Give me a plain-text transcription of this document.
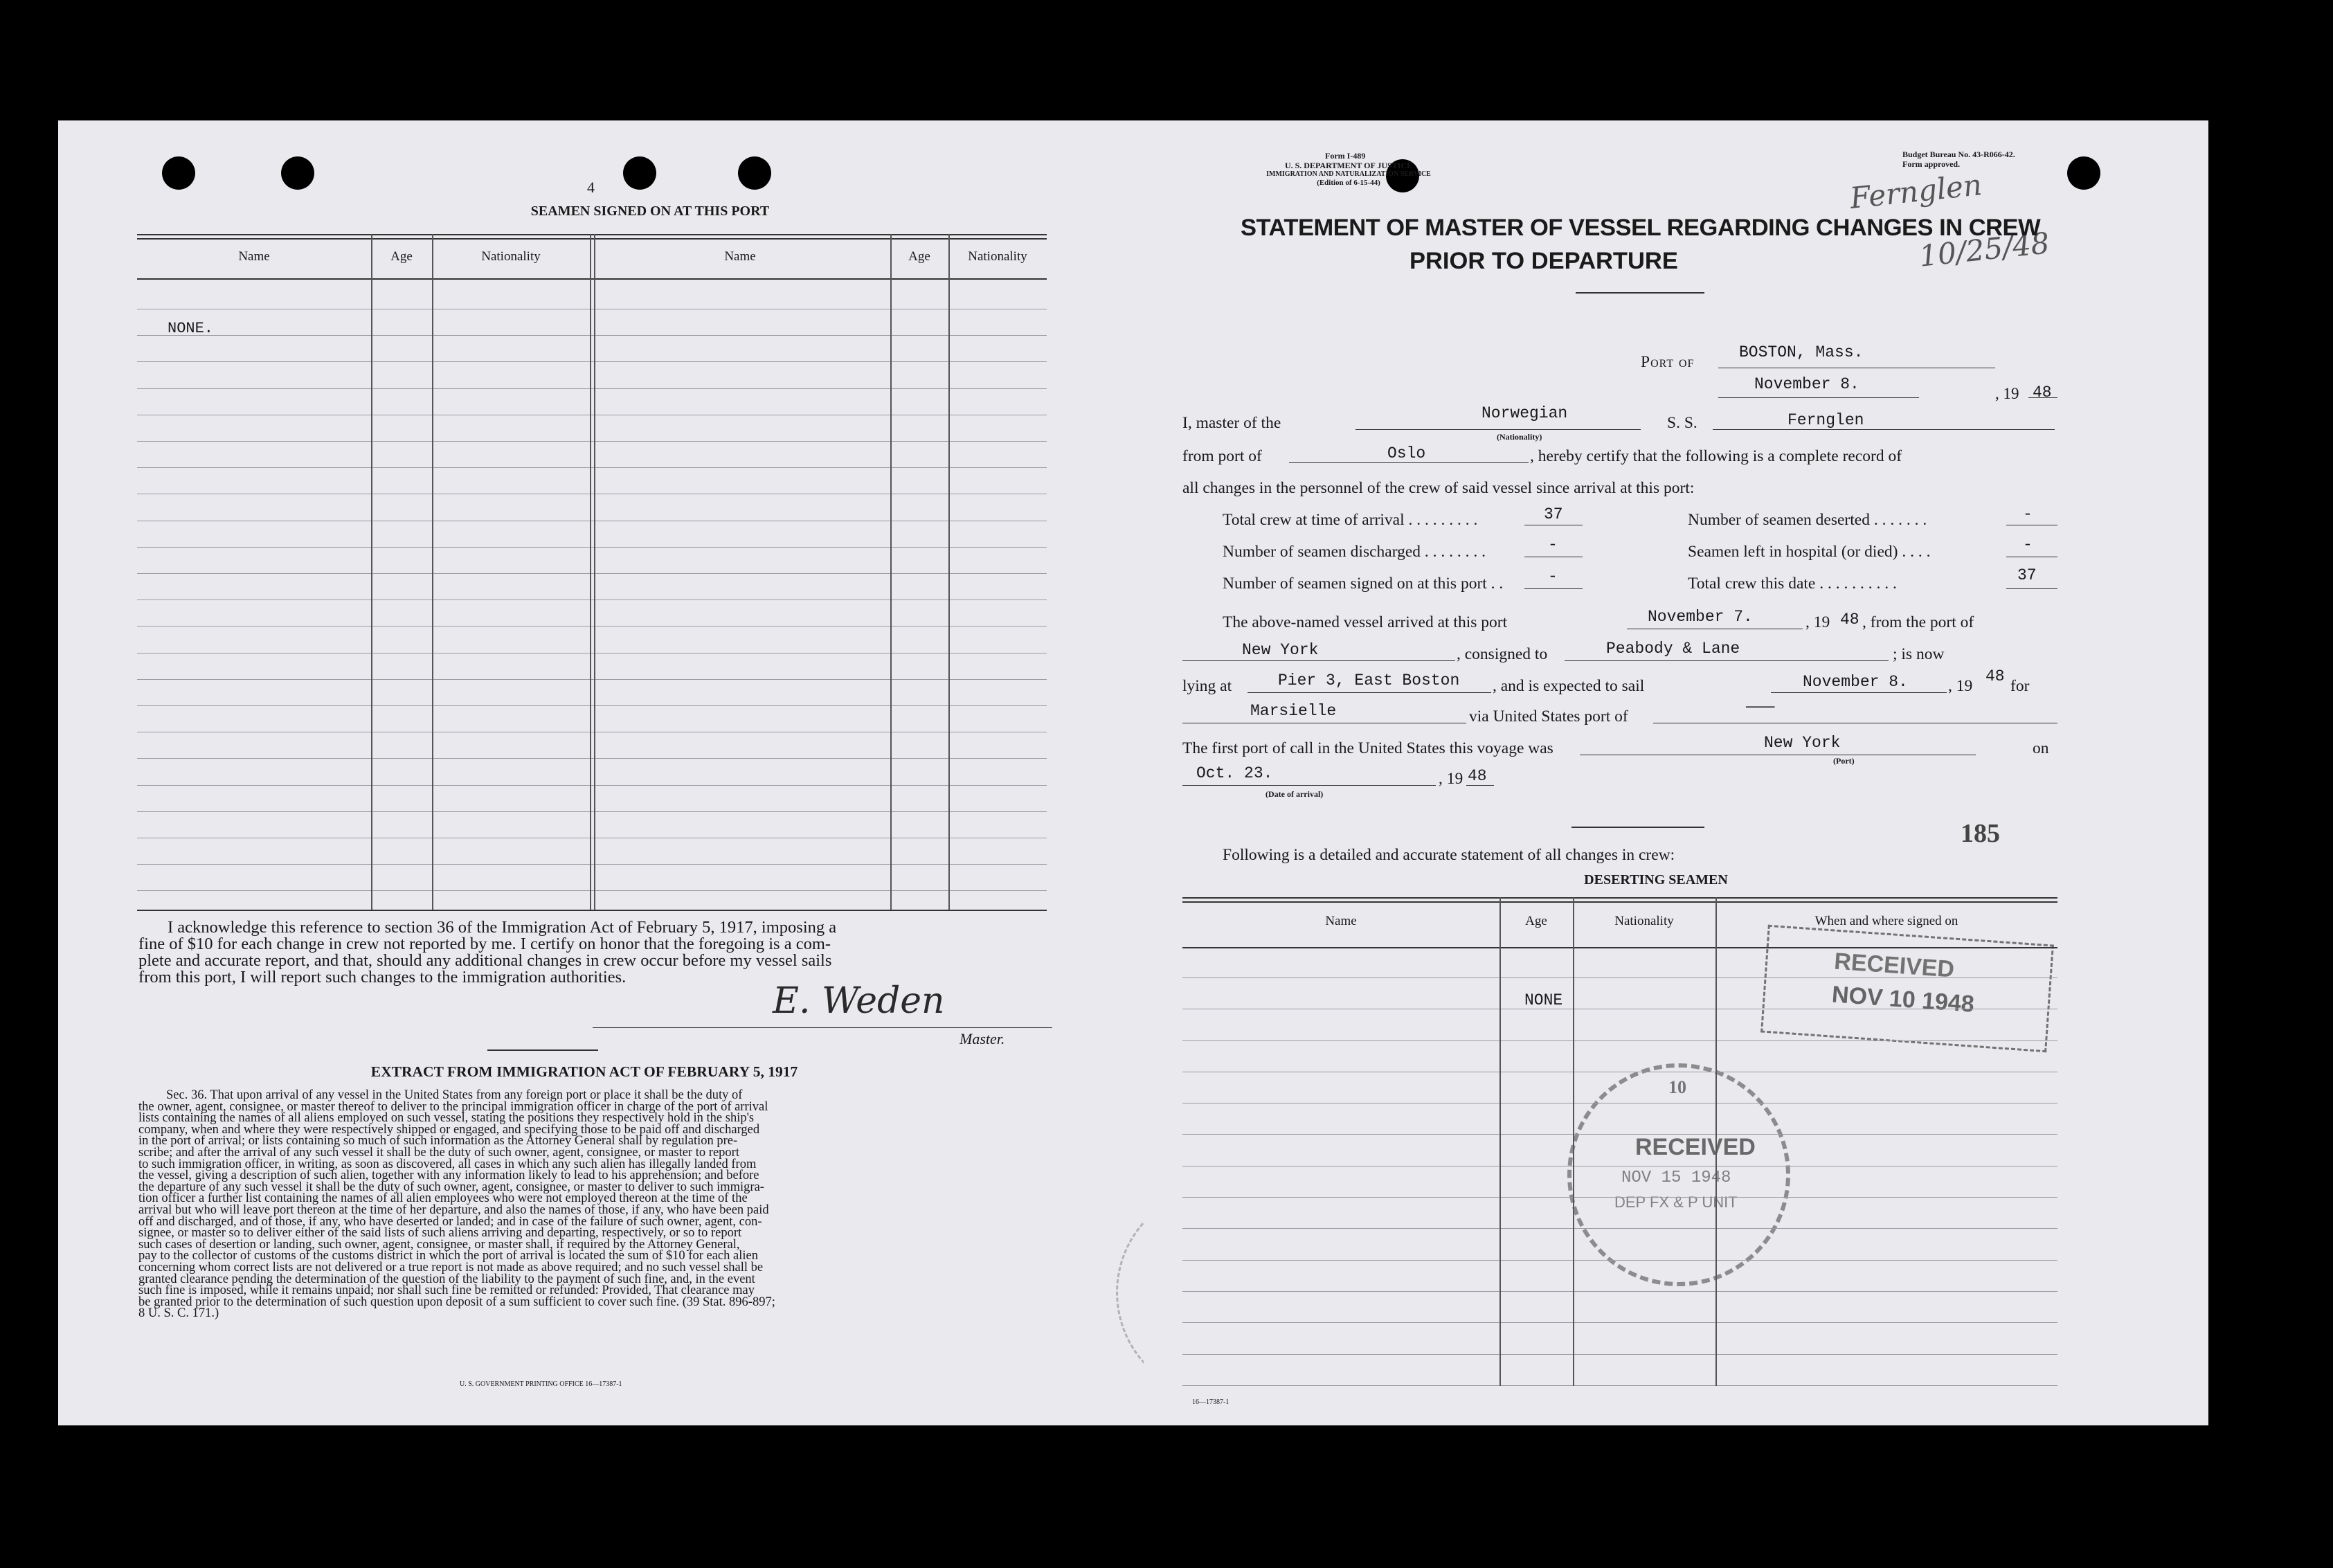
4
SEAMEN SIGNED ON AT THIS PORT
NONE.
I acknowledge this reference to section 36 of the Immigration Act of February 5, 1917, imposing a
fine of $10 for each change in crew not reported by me. I certify on honor that the foregoing is a com-
plete and accurate report, and that, should any additional changes in crew occur before my vessel sails
from this port, I will report such changes to the immigration authorities.
E. Weden
Master.
EXTRACT FROM IMMIGRATION ACT OF FEBRUARY 5, 1917
Sec. 36. That upon arrival of any vessel in the United States from any foreign port or place it shall be the duty of
the owner, agent, consignee, or master thereof to deliver to the principal immigration officer in charge of the port of arrival
lists containing the names of all aliens employed on such vessel, stating the positions they respectively hold in the ship's
company, when and where they were respectively shipped or engaged, and specifying those to be paid off and discharged
in the port of arrival; or lists containing so much of such information as the Attorney General shall by regulation pre-
scribe; and after the arrival of any such vessel it shall be the duty of such owner, agent, consignee, or master to report
to such immigration officer, in writing, as soon as discovered, all cases in which any such alien has illegally landed from
the vessel, giving a description of such alien, together with any information likely to lead to his apprehension; and before
the departure of any such vessel it shall be the duty of such owner, agent, consignee, or master to deliver to such immigra-
tion officer a further list containing the names of all alien employees who were not employed thereon at the time of the
arrival but who will leave port thereon at the time of her departure, and also the names of those, if any, who have been paid
off and discharged, and of those, if any, who have deserted or landed; and in case of the failure of such owner, agent, con-
signee, or master so to deliver either of the said lists of such aliens arriving and departing, respectively, or so to report
such cases of desertion or landing, such owner, agent, consignee, or master shall, if required by the Attorney General,
pay to the collector of customs of the customs district in which the port of arrival is located the sum of $10 for each alien
concerning whom correct lists are not delivered or a true report is not made as above required; and no such vessel shall be
granted clearance pending the determination of the question of the liability to the payment of such fine, and, in the event
such fine is imposed, while it remains unpaid; nor shall such fine be remitted or refunded: Provided, That clearance may
be granted prior to the determination of such question upon deposit of a sum sufficient to cover such fine. (39 Stat. 896-897;
8 U. S. C. 171.)
U. S. GOVERNMENT PRINTING OFFICE 16—17387-1
Name	Age	Nationality	Name	Age	Nationality
Form I-489
U. S. DEPARTMENT OF JUSTICE
IMMIGRATION AND NATURALIZATION SERVICE
(Edition of 6-15-44)
Budget Bureau No. 43-R066-42.
Form approved.
Fernglen
10/25/48
STATEMENT OF MASTER OF VESSEL REGARDING CHANGES IN CREW
PRIOR TO DEPARTURE
Port of
BOSTON, Mass.
November 8.
, 19 48
I, master of the
Norwegian
(Nationality)
S. S.	Fernglen
from port of	Oslo	, hereby certify that the following is a complete record of
all changes in the personnel of the crew of said vessel since arrival at this port:
Total crew at time of arrival . . . . . . . . .	37	Number of seamen deserted . . . . . . .	-
Number of seamen discharged . . . . . . . .	-	Seamen left in hospital (or died) . . . .	-
Number of seamen signed on at this port . .	-	Total crew this date . . . . . . . . . .	37
The above-named vessel arrived at this port	November 7.	, 19 48 , from the port of
New York	, consigned to	Peabody & Lane	; is now
lying at	Pier 3, East Boston , and is expected to sail	November 8. , 19
48
for
Marsielle	via United States port of
———
The first port of call in the United States this voyage was	New York
(Port)
on
Oct. 23.	, 19 48
(Date of arrival)
185
Following is a detailed and accurate statement of all changes in crew:
DESERTING SEAMEN
NONE
RECEIVED
NOV 10 1948
10
RECEIVED
NOV 15 1948
DEP FX & P UNIT
16—17387-1
Name	Age	Nationality	When and where signed on
